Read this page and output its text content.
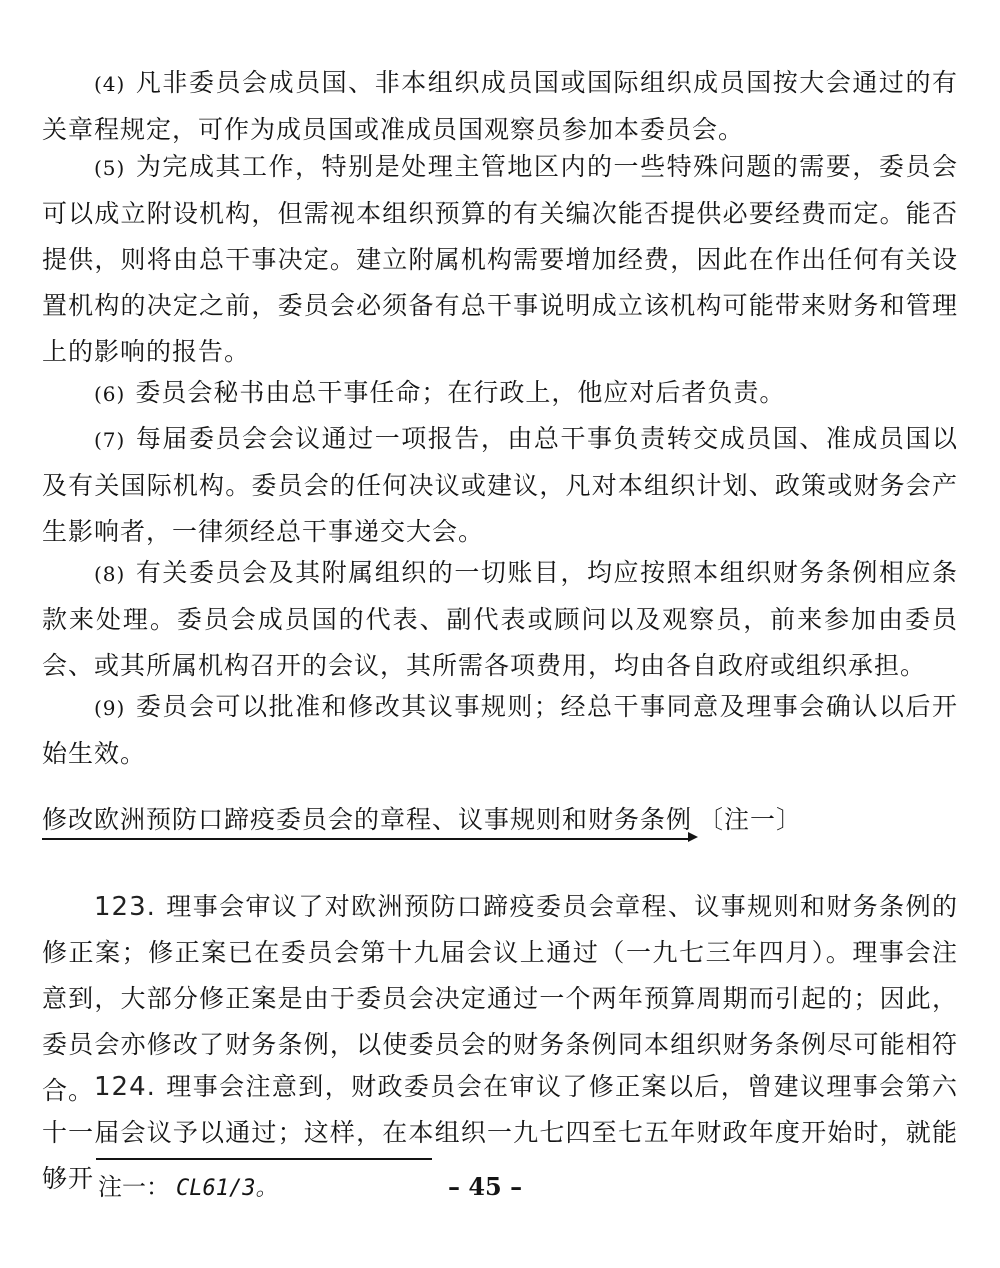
(4) 凡非委员会成员国、非本组织成员国或国际组织成员国按大会通过的有关章程规定，可作为成员国或准成员国观察员参加本委员会。

(5) 为完成其工作，特别是处理主管地区内的一些特殊问题的需要，委员会可以成立附设机构，但需视本组织预算的有关编次能否提供必要经费而定。能否提供，则将由总干事决定。建立附属机构需要增加经费，因此在作出任何有关设置机构的决定之前，委员会必须备有总干事说明成立该机构可能带来财务和管理上的影响的报告。

(6) 委员会秘书由总干事任命；在行政上，他应对后者负责。

(7) 每届委员会会议通过一项报告，由总干事负责转交成员国、准成员国以及有关国际机构。委员会的任何决议或建议，凡对本组织计划、政策或财务会产生影响者，一律须经总干事递交大会。

(8) 有关委员会及其附属组织的一切账目，均应按照本组织财务条例相应条款来处理。委员会成员国的代表、副代表或顾问以及观察员，前来参加由委员会、或其所属机构召开的会议，其所需各项费用，均由各自政府或组织承担。

(9) 委员会可以批准和修改其议事规则；经总干事同意及理事会确认以后开始生效。

修改欧洲预防口蹄疫委员会的章程、议事规则和财务条例 〔注一〕

123. 理事会审议了对欧洲预防口蹄疫委员会章程、议事规则和财务条例的修正案；修正案已在委员会第十九届会议上通过（一九七三年四月）。理事会注意到，大部分修正案是由于委员会决定通过一个两年预算周期而引起的；因此，委员会亦修改了财务条例，以使委员会的财务条例同本组织财务条例尽可能相符合。 124. 理事会注意到，财政委员会在审议了修正案以后，曾建议理事会第六十一届会议予以通过；这样，在本组织一九七四至七五年财政年度开始时，就能够开 注一： CL61/3。	– 45 –
